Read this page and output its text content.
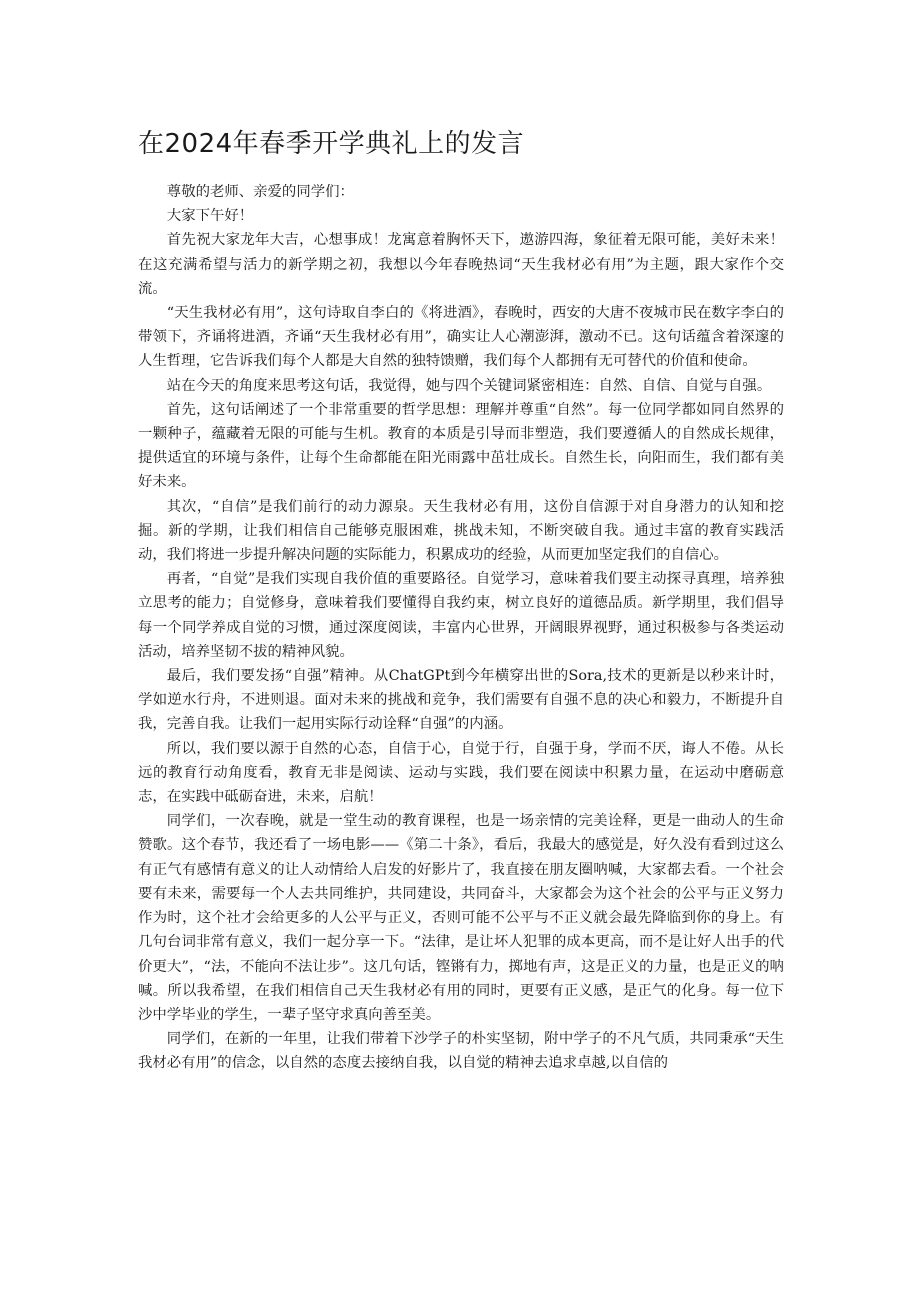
在2024年春季开学典礼上的发言

尊敬的老师、亲爱的同学们：

大家下午好！

首先祝大家龙年大吉，心想事成！龙寓意着胸怀天下，遨游四海，象征着无限可能，美好未来！在这充满希望与活力的新学期之初，我想以今年春晚热词“天生我材必有用”为主题，跟大家作个交流。

“天生我材必有用”，这句诗取自李白的《将进酒》，春晚时，西安的大唐不夜城市民在数字李白的带领下，齐诵将进酒，齐诵“天生我材必有用”，确实让人心潮澎湃，激动不已。这句话蕴含着深邃的人生哲理，它告诉我们每个人都是大自然的独特馈赠，我们每个人都拥有无可替代的价值和使命。

站在今天的角度来思考这句话，我觉得，她与四个关键词紧密相连：自然、自信、自觉与自强。

首先，这句话阐述了一个非常重要的哲学思想：理解并尊重“自然”。每一位同学都如同自然界的一颗种子，蕴藏着无限的可能与生机。教育的本质是引导而非塑造，我们要遵循人的自然成长规律，提供适宜的环境与条件，让每个生命都能在阳光雨露中茁壮成长。自然生长，向阳而生，我们都有美好未来。

其次，“自信”是我们前行的动力源泉。天生我材必有用，这份自信源于对自身潜力的认知和挖掘。新的学期，让我们相信自己能够克服困难，挑战未知，不断突破自我。通过丰富的教育实践活动，我们将进一步提升解决问题的实际能力，积累成功的经验，从而更加坚定我们的自信心。

再者，“自觉”是我们实现自我价值的重要路径。自觉学习，意味着我们要主动探寻真理，培养独立思考的能力；自觉修身，意味着我们要懂得自我约束，树立良好的道德品质。新学期里，我们倡导每一个同学养成自觉的习惯，通过深度阅读，丰富内心世界，开阔眼界视野，通过积极参与各类运动活动，培养坚韧不拔的精神风貌。

最后，我们要发扬“自强”精神。从ChatGPt到今年横穿出世的Sora,技术的更新是以秒来计时，学如逆水行舟，不进则退。面对未来的挑战和竞争，我们需要有自强不息的决心和毅力，不断提升自我，完善自我。让我们一起用实际行动诠释“自强”的内涵。

所以，我们要以源于自然的心态，自信于心，自觉于行，自强于身，学而不厌，诲人不倦。从长远的教育行动角度看，教育无非是阅读、运动与实践，我们要在阅读中积累力量，在运动中磨砺意志，在实践中砥砺奋进，未来，启航！

同学们，一次春晚，就是一堂生动的教育课程，也是一场亲情的完美诠释，更是一曲动人的生命赞歌。这个春节，我还看了一场电影——《第二十条》，看后，我最大的感觉是，好久没有看到过这么有正气有感情有意义的让人动情给人启发的好影片了，我直接在朋友圈呐喊，大家都去看。一个社会要有未来，需要每一个人去共同维护，共同建设，共同奋斗，大家都会为这个社会的公平与正义努力作为时，这个社才会给更多的人公平与正义，否则可能不公平与不正义就会最先降临到你的身上。有几句台词非常有意义，我们一起分享一下。“法律，是让坏人犯罪的成本更高，而不是让好人出手的代价更大”，“法，不能向不法让步”。这几句话，铿锵有力，掷地有声，这是正义的力量，也是正义的呐喊。所以我希望，在我们相信自己天生我材必有用的同时，更要有正义感，是正气的化身。每一位下沙中学毕业的学生，一辈子坚守求真向善至美。

同学们，在新的一年里，让我们带着下沙学子的朴实坚韧，附中学子的不凡气质，共同秉承“天生我材必有用”的信念，以自然的态度去接纳自我，以自觉的精神去追求卓越,以自信的
